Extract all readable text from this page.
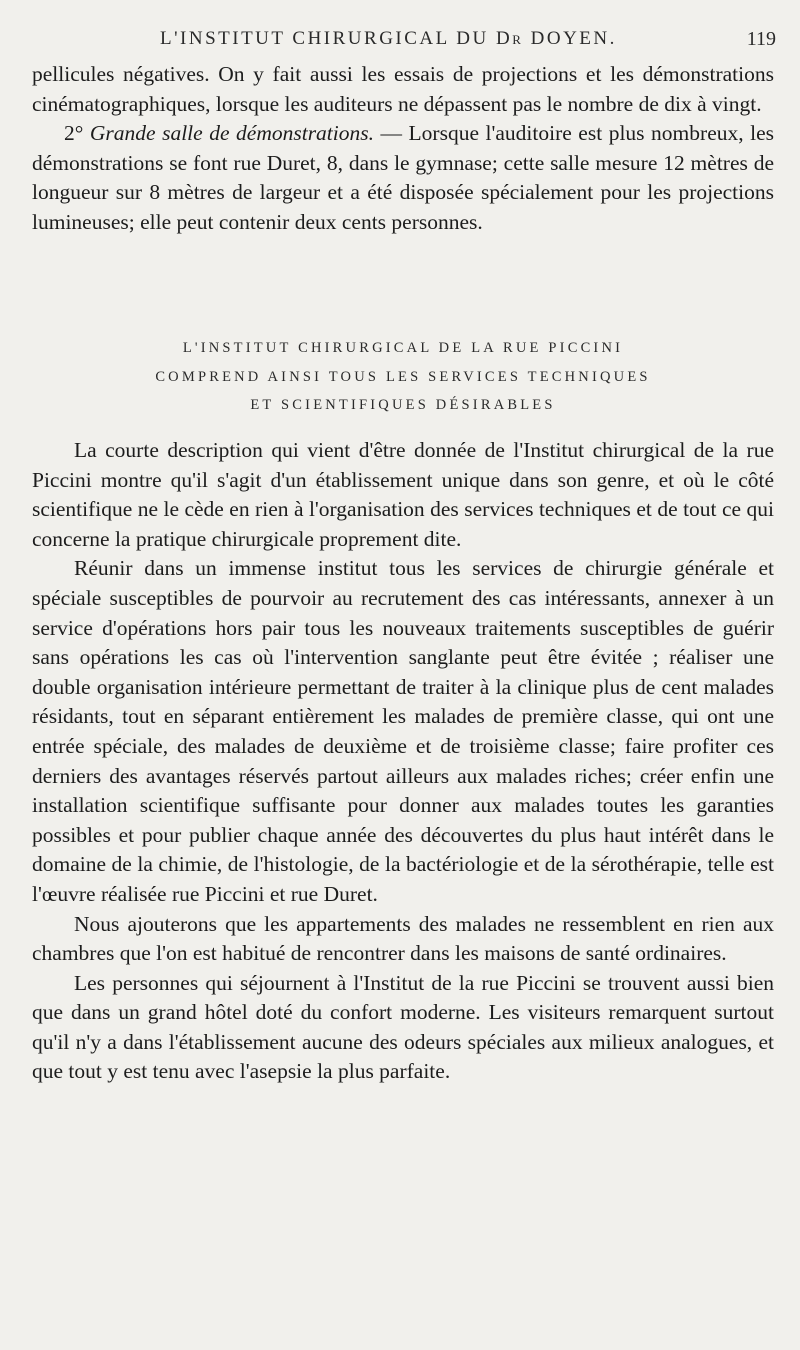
L'INSTITUT CHIRURGICAL DU Dr DOYEN.	119

pellicules négatives. On y fait aussi les essais de projections et les démonstrations cinématographiques, lorsque les auditeurs ne dépassent pas le nombre de dix à vingt.

2° Grande salle de démonstrations. — Lorsque l'auditoire est plus nombreux, les démonstrations se font rue Duret, 8, dans le gymnase; cette salle mesure 12 mètres de longueur sur 8 mètres de largeur et a été disposée spécialement pour les projections lumineuses; elle peut contenir deux cents personnes.

L'INSTITUT CHIRURGICAL DE LA RUE PICCINI
COMPREND AINSI TOUS LES SERVICES TECHNIQUES
ET SCIENTIFIQUES DÉSIRABLES

La courte description qui vient d'être donnée de l'Institut chirurgical de la rue Piccini montre qu'il s'agit d'un établissement unique dans son genre, et où le côté scientifique ne le cède en rien à l'organisation des services techniques et de tout ce qui concerne la pratique chirurgicale proprement dite.

Réunir dans un immense institut tous les services de chirurgie générale et spéciale susceptibles de pourvoir au recrutement des cas intéressants, annexer à un service d'opérations hors pair tous les nouveaux traitements susceptibles de guérir sans opérations les cas où l'intervention sanglante peut être évitée ; réaliser une double organisation intérieure permettant de traiter à la clinique plus de cent malades résidants, tout en séparant entièrement les malades de première classe, qui ont une entrée spéciale, des malades de deuxième et de troisième classe; faire profiter ces derniers des avantages réservés partout ailleurs aux malades riches; créer enfin une installation scientifique suffisante pour donner aux malades toutes les garanties possibles et pour publier chaque année des découvertes du plus haut intérêt dans le domaine de la chimie, de l'histologie, de la bactériologie et de la sérothérapie, telle est l'œuvre réalisée rue Piccini et rue Duret.

Nous ajouterons que les appartements des malades ne ressemblent en rien aux chambres que l'on est habitué de rencontrer dans les maisons de santé ordinaires.

Les personnes qui séjournent à l'Institut de la rue Piccini se trouvent aussi bien que dans un grand hôtel doté du confort moderne. Les visiteurs remarquent surtout qu'il n'y a dans l'établissement aucune des odeurs spéciales aux milieux analogues, et que tout y est tenu avec l'asepsie la plus parfaite.
